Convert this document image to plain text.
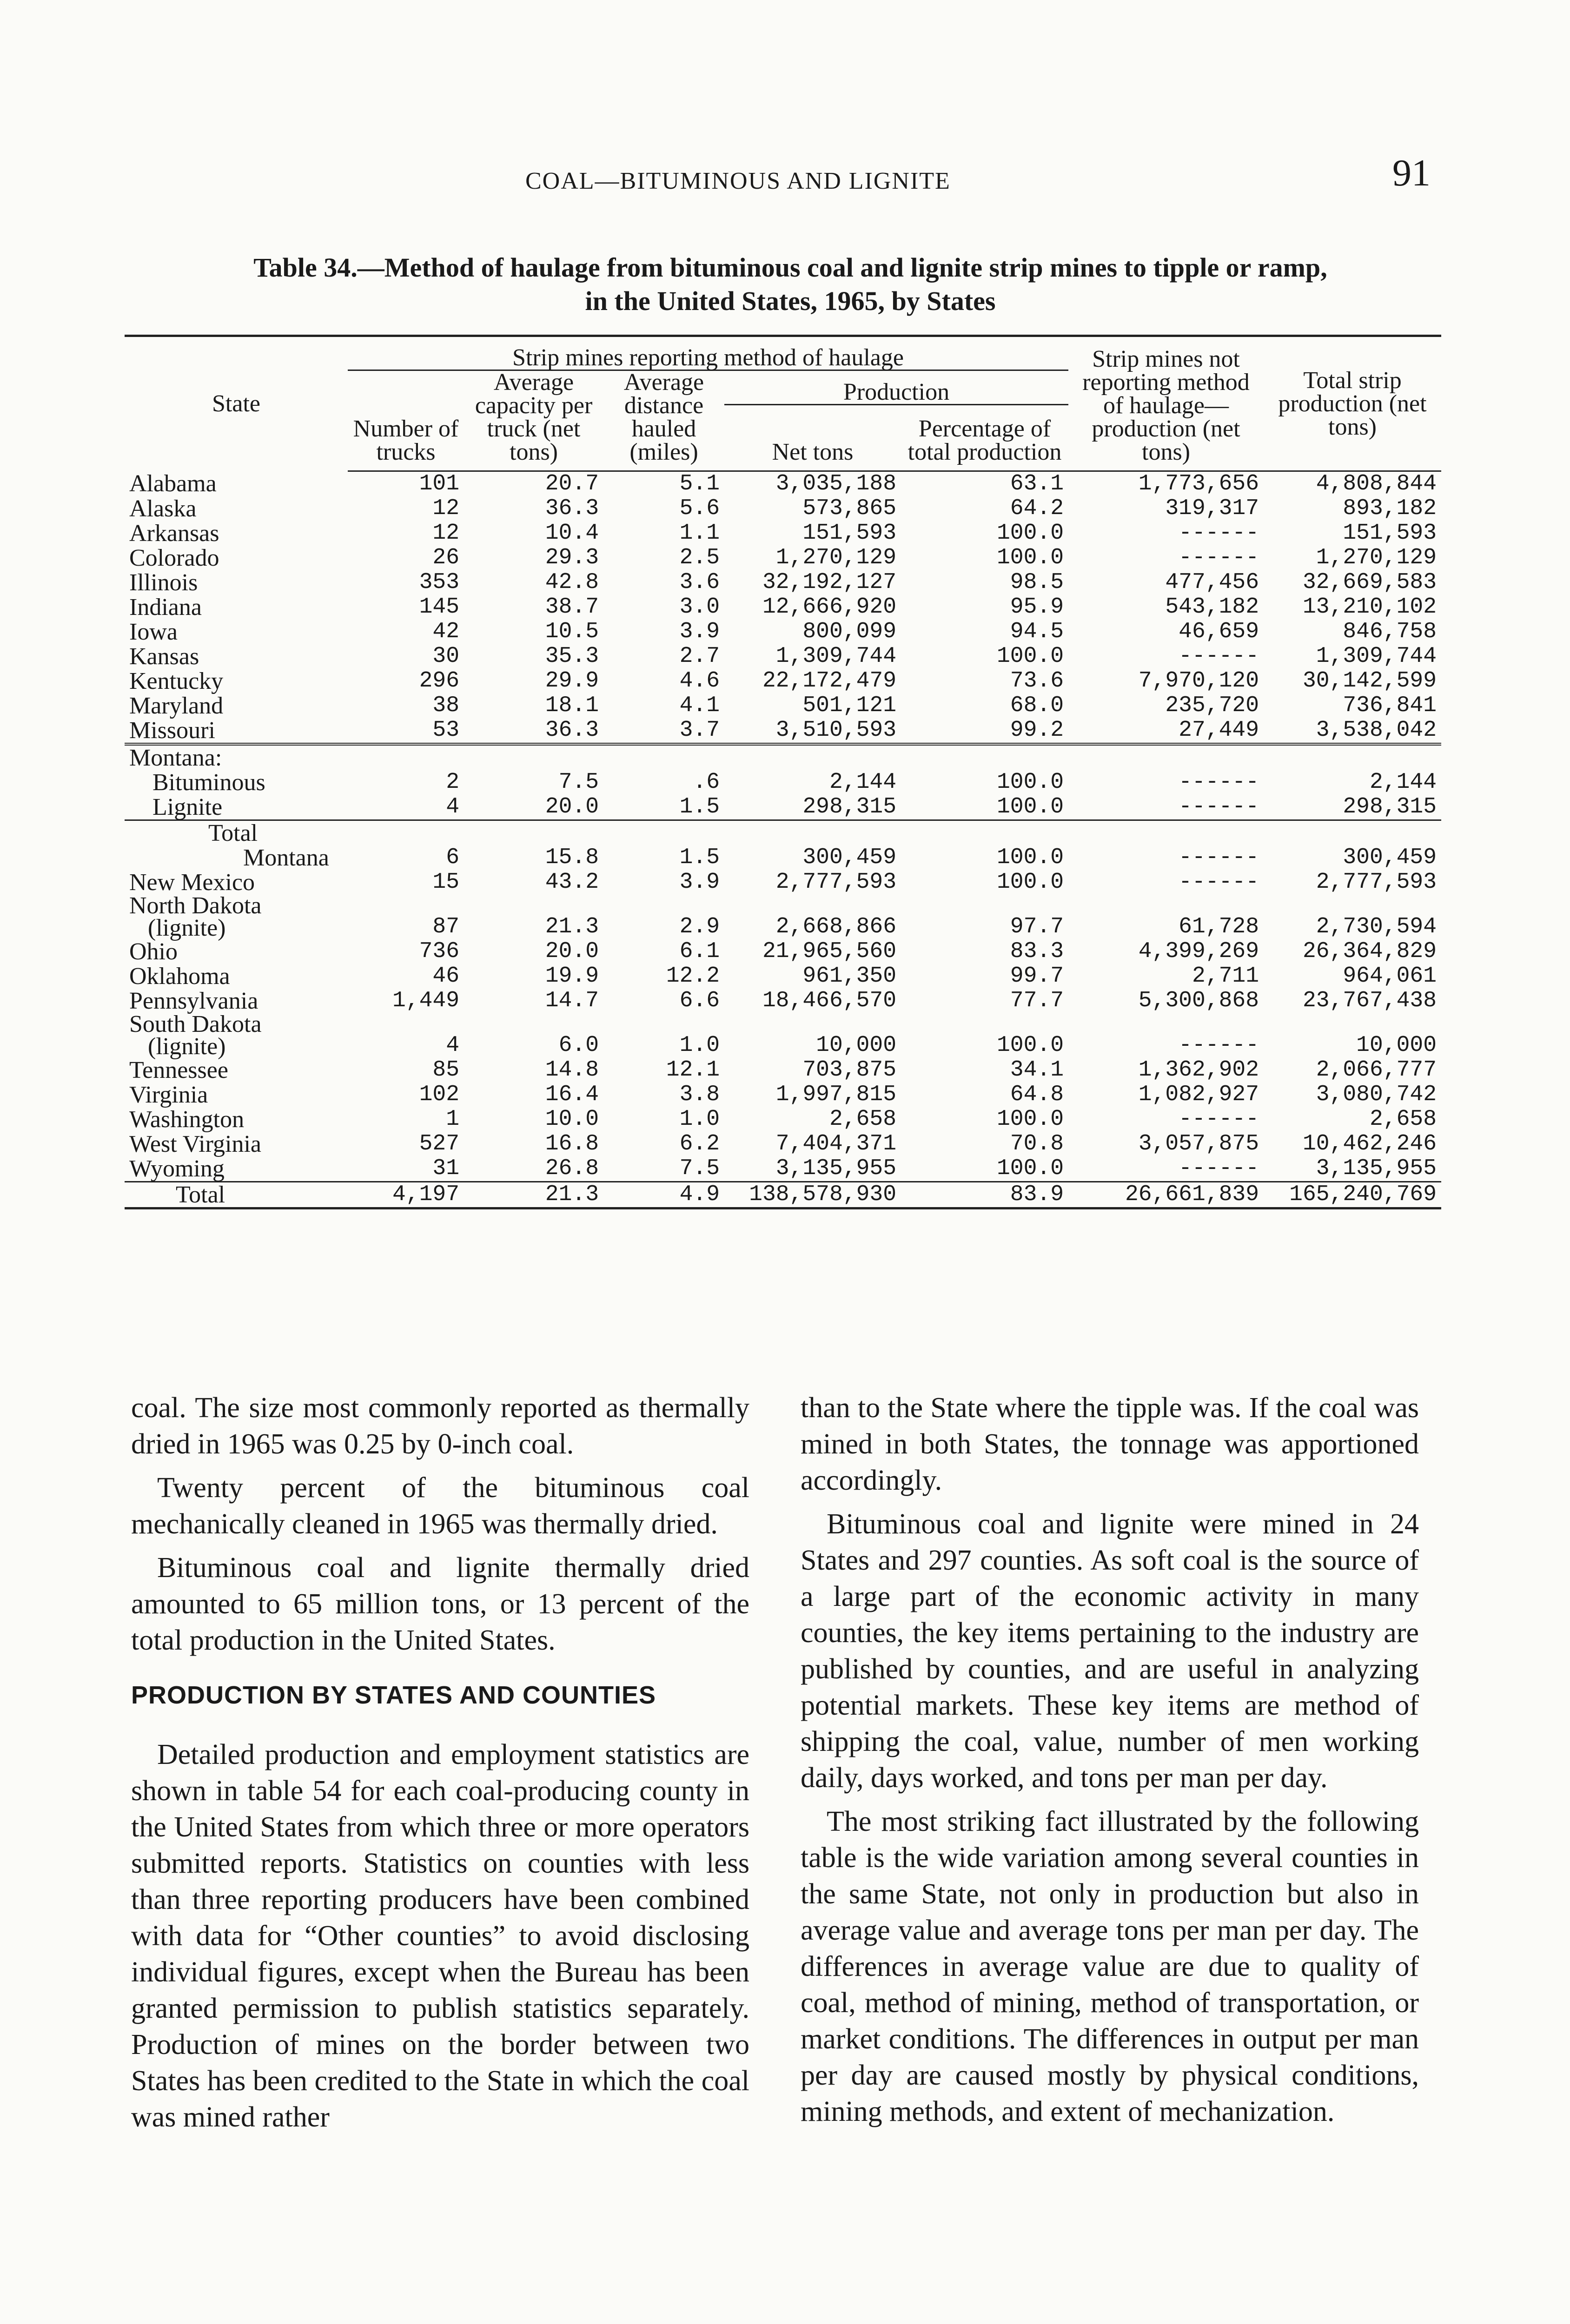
COAL—BITUMINOUS AND LIGNITE	91
Table 34.—Method of haulage from bituminous coal and lignite strip mines to tipple or ramp,
in the United States, 1965, by States
State	Strip mines reporting method of haulage					Strip mines not reporting method of haulage—production (net tons)	Total strip production (net tons)
	Number of trucks	Average capacity per truck (net tons)	Average distance hauled (miles)	Production			
				Net tons	Percentage of total production		
Alabama	101	20.7	5.1	3,035,188	63.1	1,773,656	4,808,844
Alaska	12	36.3	5.6	573,865	64.2	319,317	893,182
Arkansas	12	10.4	1.1	151,593	100.0	------	151,593
Colorado	26	29.3	2.5	1,270,129	100.0	------	1,270,129
Illinois	353	42.8	3.6	32,192,127	98.5	477,456	32,669,583
Indiana	145	38.7	3.0	12,666,920	95.9	543,182	13,210,102
Iowa	42	10.5	3.9	800,099	94.5	46,659	846,758
Kansas	30	35.3	2.7	1,309,744	100.0	------	1,309,744
Kentucky	296	29.9	4.6	22,172,479	73.6	7,970,120	30,142,599
Maryland	38	18.1	4.1	501,121	68.0	235,720	736,841
Missouri	53	36.3	3.7	3,510,593	99.2	27,449	3,538,042
Montana:							
Bituminous	2	7.5	.6	2,144	100.0	------	2,144
Lignite	4	20.0	1.5	298,315	100.0	------	298,315

Total
Montana	6	15.8	1.5	300,459	100.0	------	300,459
New Mexico	15	43.2	3.9	2,777,593	100.0	------	2,777,593
North Dakota
(lignite)	87	21.3	2.9	2,668,866	97.7	61,728	2,730,594
Ohio	736	20.0	6.1	21,965,560	83.3	4,399,269	26,364,829
Oklahoma	46	19.9	12.2	961,350	99.7	2,711	964,061
Pennsylvania	1,449	14.7	6.6	18,466,570	77.7	5,300,868	23,767,438
South Dakota
(lignite)	4	6.0	1.0	10,000	100.0	------	10,000
Tennessee	85	14.8	12.1	703,875	34.1	1,362,902	2,066,777
Virginia	102	16.4	3.8	1,997,815	64.8	1,082,927	3,080,742
Washington	1	10.0	1.0	2,658	100.0	------	2,658
West Virginia	527	16.8	6.2	7,404,371	70.8	3,057,875	10,462,246
Wyoming	31	26.8	7.5	3,135,955	100.0	------	3,135,955
Total	4,197	21.3	4.9	138,578,930	83.9	26,661,839	165,240,769

coal. The size most commonly reported as thermally dried in 1965 was 0.25 by 0-inch coal.

Twenty percent of the bituminous coal mechanically cleaned in 1965 was thermally dried.

Bituminous coal and lignite thermally dried amounted to 65 million tons, or 13 percent of the total production in the United States.

PRODUCTION BY STATES AND COUNTIES

Detailed production and employment statistics are shown in table 54 for each coal-producing county in the United States from which three or more operators submitted reports. Statistics on counties with less than three reporting producers have been combined with data for “Other counties” to avoid disclosing individual figures, except when the Bureau has been granted permission to publish statistics separately. Production of mines on the border between two States has been credited to the State in which the coal was mined rather

than to the State where the tipple was. If the coal was mined in both States, the tonnage was apportioned accordingly.

Bituminous coal and lignite were mined in 24 States and 297 counties. As soft coal is the source of a large part of the economic activity in many counties, the key items pertaining to the industry are published by counties, and are useful in analyzing potential markets. These key items are method of shipping the coal, value, number of men working daily, days worked, and tons per man per day.

The most striking fact illustrated by the following table is the wide variation among several counties in the same State, not only in production but also in average value and average tons per man per day. The differences in average value are due to quality of coal, method of mining, method of transportation, or market conditions. The differences in output per man per day are caused mostly by physical conditions, mining methods, and extent of mechanization.
